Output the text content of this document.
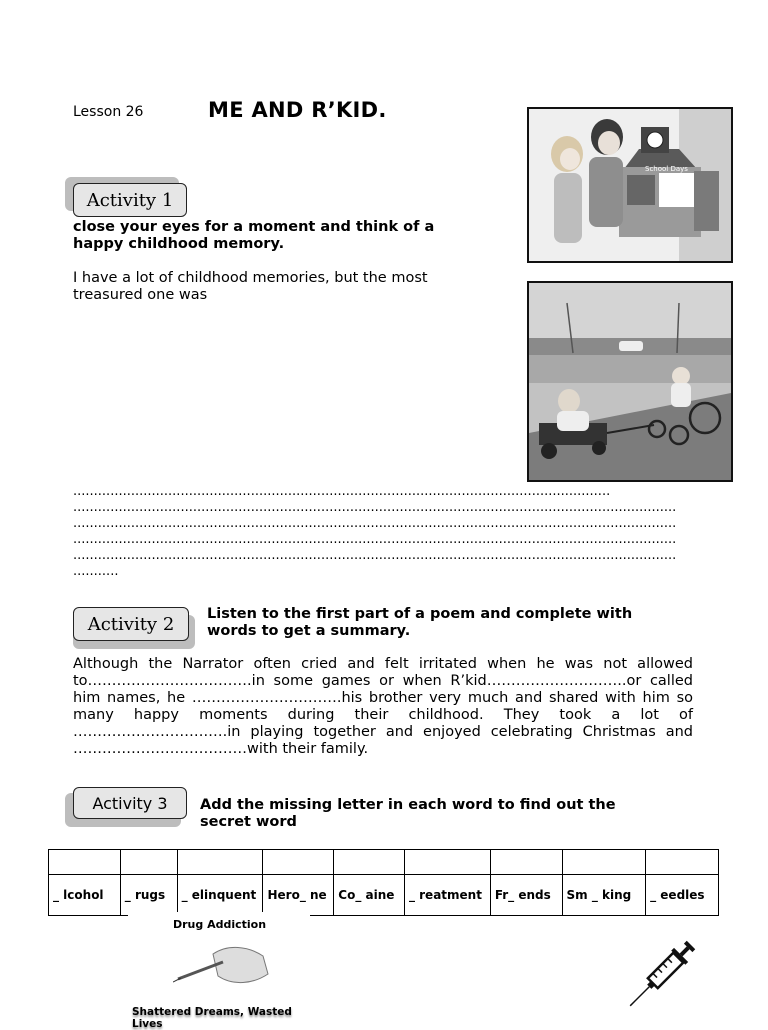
Lesson 26	ME AND R’KID.
School Days
Activity 1
close your eyes for a moment and think of a happy childhood memory.
I have a lot of childhood memories, but the most treasured one was
..................................................................................................................................
..................................................................................................................................................
..................................................................................................................................................
..................................................................................................................................................
..................................................................................................................................................
...........
Activity 2	Listen to the first part of a poem and complete with words to get a summary.
Although the Narrator often cried and felt irritated when he was not allowed to…………………………….in some games or when R’kid………………………..or called him names, he ………………………….his brother very much and shared with him so many happy moments during their childhood. They took a lot of ……………………….….in playing together and enjoyed celebrating Christmas and ………………………………with their family.
Activity 3	Add the missing letter in each word to find out the secret word

_ lcohol	_ rugs	_ elinquent	Hero_ ne	Co_ aine	_ reatment	Fr_ ends	Sm _ king	_ eedles
Drug Addiction
Shattered Dreams, Wasted Lives
